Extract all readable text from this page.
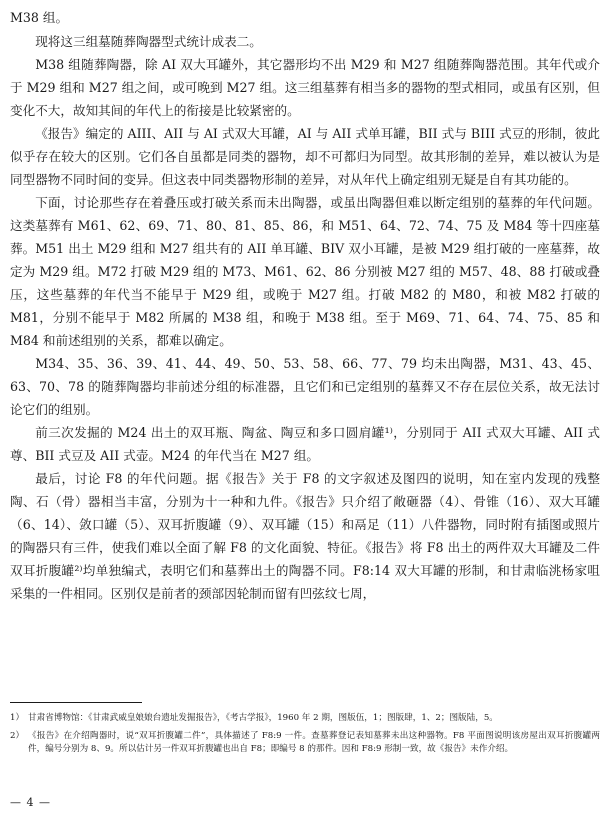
M38 组。

现将这三组墓随葬陶器型式统计成表二。

M38 组随葬陶器，除 AI 双大耳罐外，其它器形均不出 M29 和 M27 组随葬陶器范围。其年代或介于 M29 组和 M27 组之间，或可晚到 M27 组。这三组墓葬有相当多的器物的型式相同，或虽有区别，但变化不大，故知其间的年代上的衔接是比较紧密的。

《报告》编定的 AIII、AII 与 AI 式双大耳罐，AI 与 AII 式单耳罐，BII 式与 BIII 式豆的形制，彼此似乎存在较大的区别。它们各自虽都是同类的器物，却不可都归为同型。故其形制的差异，难以被认为是同型器物不同时间的变异。但这表中同类器物形制的差异，对从年代上确定组别无疑是自有其功能的。

下面，讨论那些存在着叠压或打破关系而未出陶器，或虽出陶器但难以断定组别的墓葬的年代问题。这类墓葬有 M61、62、69、71、80、81、85、86，和 M51、64、72、74、75 及 M84 等十四座墓葬。M51 出土 M29 组和 M27 组共有的 AII 单耳罐、BIV 双小耳罐，是被 M29 组打破的一座墓葬，故定为 M29 组。M72 打破 M29 组的 M73、M61、62、86 分别被 M27 组的 M57、48、88 打破或叠压，这些墓葬的年代当不能早于 M29 组，或晚于 M27 组。打破 M82 的 M80，和被 M82 打破的 M81，分别不能早于 M82 所属的 M38 组，和晚于 M38 组。至于 M69、71、64、74、75、85 和 M84 和前述组别的关系，都难以确定。

M34、35、36、39、41、44、49、50、53、58、66、77、79 均未出陶器，M31、43、45、63、70、78 的随葬陶器均非前述分组的标准器，且它们和已定组别的墓葬又不存在层位关系，故无法讨论它们的组别。

前三次发掘的 M24 出土的双耳瓶、陶盆、陶豆和多口圆肩罐¹⁾，分别同于 AII 式双大耳罐、AII 式尊、BII 式豆及 AII 式壶。M24 的年代当在 M27 组。

最后，讨论 F8 的年代问题。据《报告》关于 F8 的文字叙述及图四的说明，知在室内发现的残整陶、石（骨）器相当丰富，分别为十一种和九件。《报告》只介绍了敞砸器（4）、骨锥（16）、双大耳罐（6、14）、敛口罐（5）、双耳折腹罐（9）、双耳罐（15）和鬲足（11）八件器物，同时附有插图或照片的陶器只有三件，使我们难以全面了解 F8 的文化面貌、特征。《报告》将 F8 出土的两件双大耳罐及二件双耳折腹罐²⁾均单独编式，表明它们和墓葬出土的陶器不同。F8:14 双大耳罐的形制，和甘肃临洮杨家咀采集的一件相同。区别仅是前者的颈部因轮制而留有凹弦纹七周，

1） 甘肃省博物馆：《甘肃武威皇娘娘台遗址发掘报告》，《考古学报》，1960 年 2 期，图版伍，1；图版肆，1、2；图版陆，5。
2） 《报告》在介绍陶器时，说“双耳折腹罐二件”，具体描述了 F8:9 一件。查墓葬登记表知墓葬未出这种器物。F8 平面图说明该房屋出双耳折腹罐两件，编号分别为 8、9。所以估计另一件双耳折腹罐也出自 F8；即编号 8 的那件。因和 F8:9 形制一致，故《报告》未作介绍。
— 4 —
